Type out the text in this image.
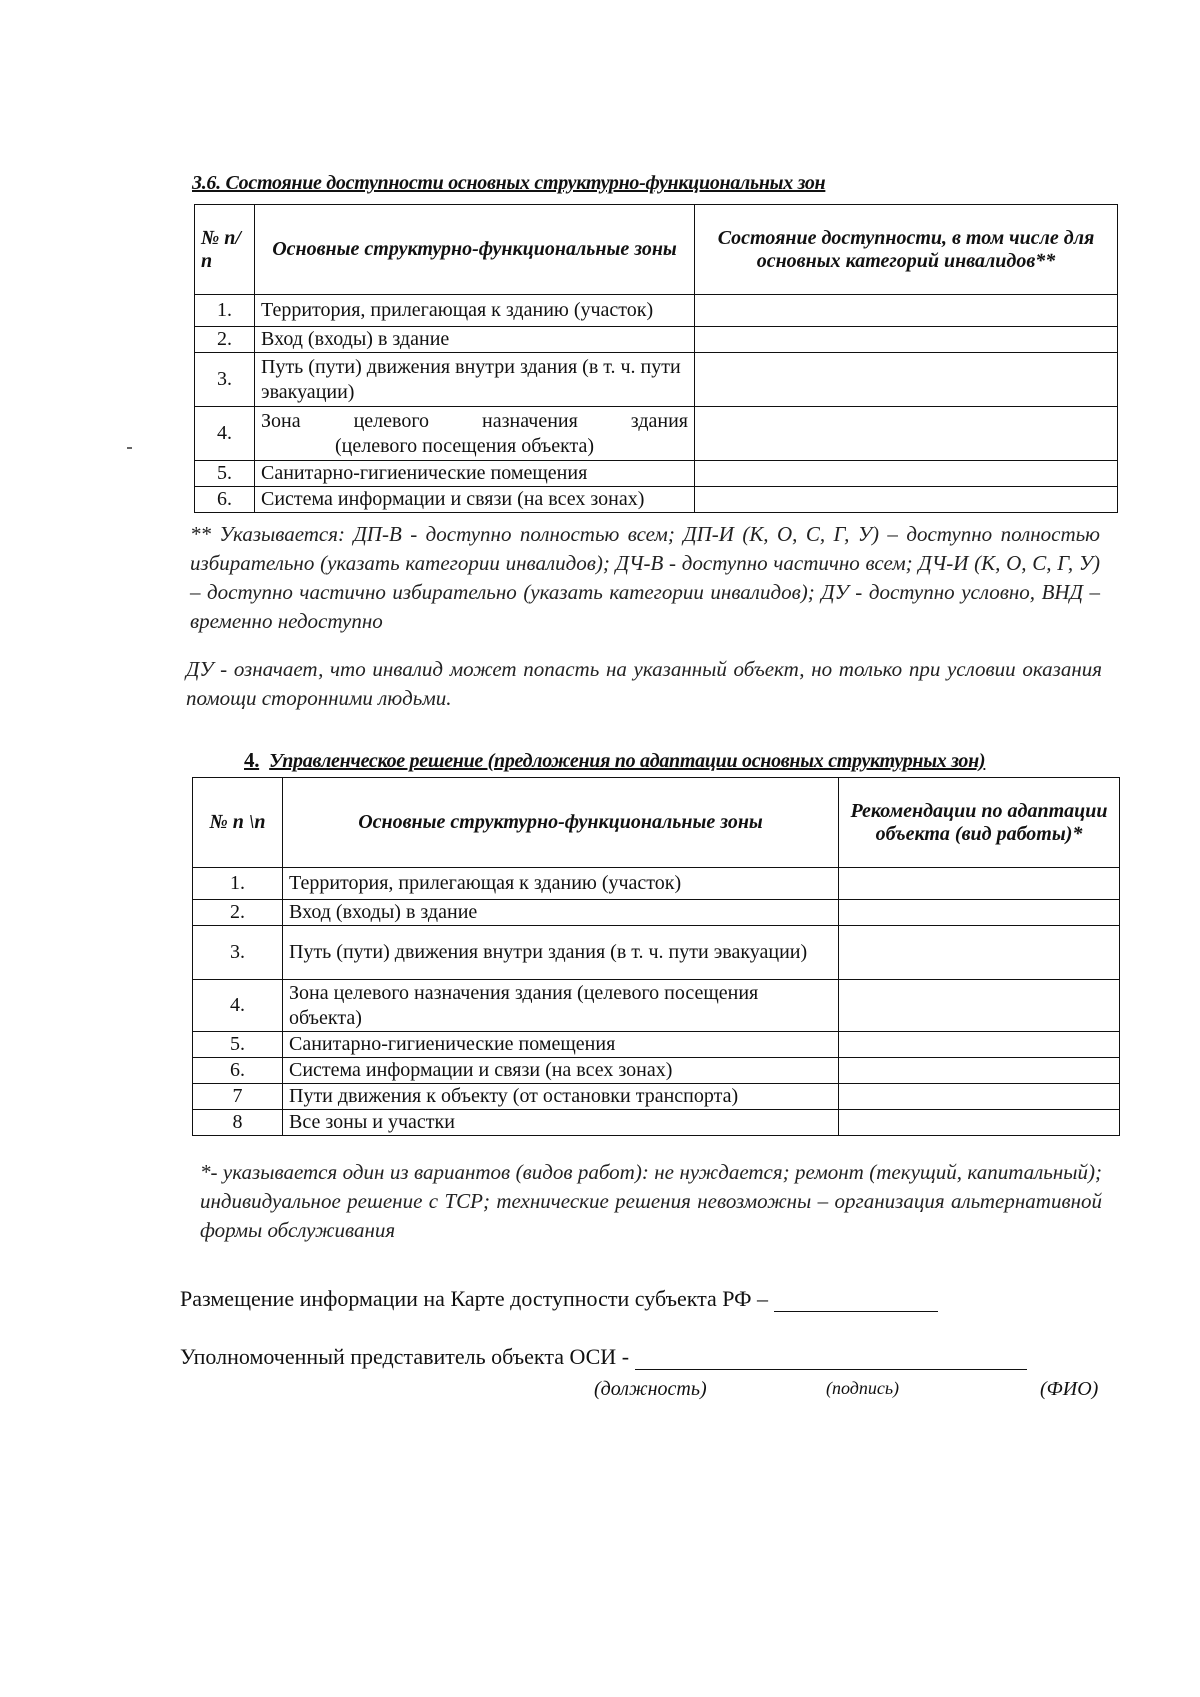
3.6. Состояние доступности основных структурно-функциональных зон
№ п/п	Основные структурно-функциональные зоны	Состояние доступности, в том числе для основных категорий инвалидов**
1.	Территория, прилегающая к зданию (участок)	
2.	Вход (входы) в здание	
3.	Путь (пути) движения внутри здания (в т. ч. пути эвакуации)	
4.	Зона целевого назначения здания
(целевого посещения объекта)	

5.	Санитарно-гигиенические помещения	
6.	Система информации и связи (на всех зонах)	
** Указывается: ДП-В - доступно полностью всем; ДП-И (К, О, С, Г, У) – доступно полностью избирательно (указать категории инвалидов); ДЧ-В - доступно частично всем; ДЧ-И (К, О, С, Г, У) – доступно частично избирательно (указать категории инвалидов); ДУ - доступно условно, ВНД – временно недоступно
ДУ - означает, что инвалид может попасть на указанный объект, но только при условии оказания помощи сторонними людьми.
4. Управленческое решение (предложения по адаптации основных структурных зон)
№ п \п	Основные структурно-функциональные зоны	Рекомендации по адаптации объекта (вид работы)*
1.	Территория, прилегающая к зданию (участок)	
2.	Вход (входы) в здание	
3.	Путь (пути) движения внутри здания (в т. ч. пути эвакуации)	
4.	Зона целевого назначения здания (целевого посещения объекта)	
5.	Санитарно-гигиенические помещения	
6.	Система информации и связи (на всех зонах)	
7	Пути движения к объекту (от остановки транспорта)	
8	Все зоны и участки	
*- указывается один из вариантов (видов работ): не нуждается; ремонт (текущий, капитальный); индивидуальное решение с ТСР; технические решения невозможны – организация альтернативной формы обслуживания
Размещение информации на Карте доступности субъекта РФ –
Уполномоченный представитель объекта ОСИ -
(должность)	(подпись)	(ФИО)
